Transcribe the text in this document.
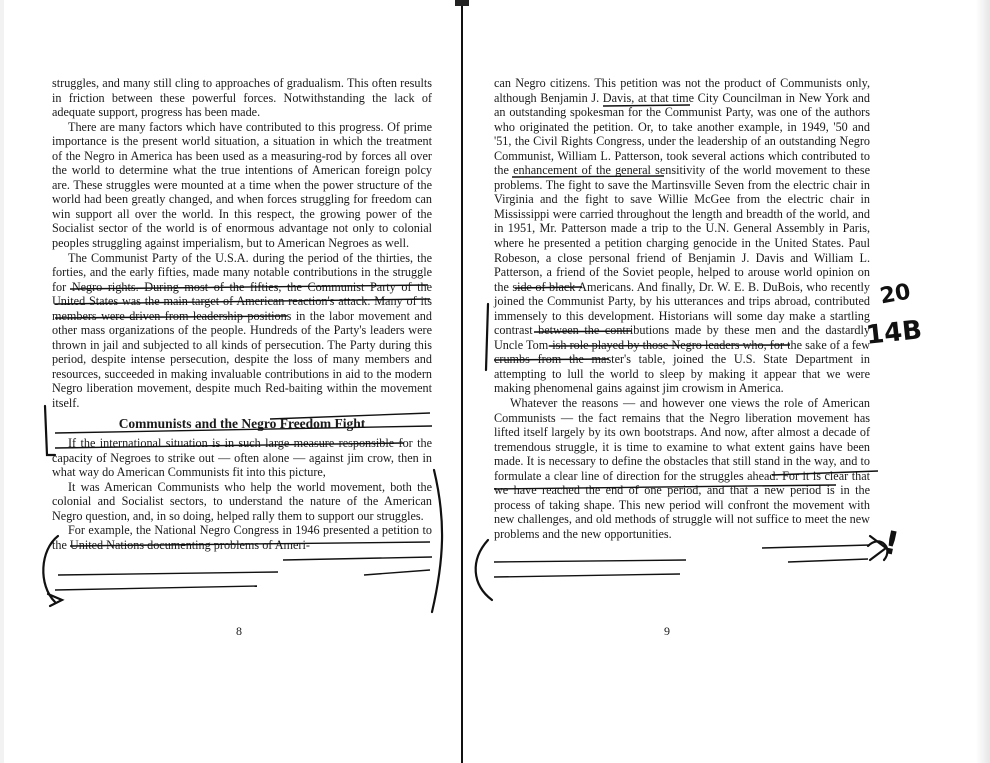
struggles, and many still cling to approaches of gradualism. This often results in friction between these powerful forces. Notwithstanding the lack of adequate support, progress has been made.

There are many factors which have contributed to this progress. Of prime importance is the present world situation, a situation in which the treatment of the Negro in America has been used as a measuring-rod by forces all over the world to determine what the true intentions of American foreign polcy are. These struggles were mounted at a time when the power structure of the world had been greatly changed, and when forces struggling for freedom can win support all over the world. In this respect, the growing power of the Socialist sector of the world is of enormous advantage not only to colonial peoples struggling against imperialism, but to American Negroes as well.

The Communist Party of the U.S.A. during the period of the thirties, the forties, and the early fifties, made many notable contributions in the struggle for Negro rights. During most of the fifties, the Communist Party of the United States was the main target of American reaction's attack. Many of its members were driven from leadership positions in the labor movement and other mass organizations of the people. Hundreds of the Party's leaders were thrown in jail and subjected to all kinds of persecution. The Party during this period, despite intense persecution, despite the loss of many members and resources, succeeded in making invaluable contributions in aid to the modern Negro liberation movement, despite much Red-baiting within the movement itself.

Communists and the Negro Freedom Fight

If the international situation is in such large measure responsible for the capacity of Negroes to strike out — often alone — against jim crow, then in what way do American Communists fit into this picture,

It was American Communists who help the world movement, both the colonial and Socialist sectors, to understand the nature of the American Negro question, and, in so doing, helped rally them to support our struggles.

For example, the National Negro Congress in 1946 presented a petition to the United Nations documenting problems of Ameri-

8

can Negro citizens. This petition was not the product of Communists only, although Benjamin J. Davis, at that time City Councilman in New York and an outstanding spokesman for the Communist Party, was one of the authors who originated the petition. Or, to take another example, in 1949, '50 and '51, the Civil Rights Congress, under the leadership of an outstanding Negro Communist, William L. Patterson, took several actions which contributed to the enhancement of the general sensitivity of the world movement to these problems. The fight to save the Martinsville Seven from the electric chair in Virginia and the fight to save Willie McGee from the electric chair in Mississippi were carried throughout the length and breadth of the world, and in 1951, Mr. Patterson made a trip to the U.N. General Assembly in Paris, where he presented a petition charging genocide in the United States. Paul Robeson, a close personal friend of Benjamin J. Davis and William L. Patterson, a friend of the Soviet people, helped to arouse world opinion on the side of black Americans. And finally, Dr. W. E. B. DuBois, who recently joined the Communist Party, by his utterances and trips abroad, contributed immensely to this development. Historians will some day make a startling contrast between the contributions made by these men and the dastardly Uncle Tom-ish role played by those Negro leaders who, for the sake of a few crumbs from the master's table, joined the U.S. State Department in attempting to lull the world to sleep by making it appear that we were making phenomenal gains against jim crowism in America.

Whatever the reasons — and however one views the role of American Communists — the fact remains that the Negro liberation movement has lifted itself largely by its own bootstraps. And now, after almost a decade of tremendous struggle, it is time to examine to what extent gains have been made. It is necessary to define the obstacles that still stand in the way, and to formulate a clear line of direction for the struggles ahead. For it is clear that we have reached the end of one period, and that a new period is in the process of taking shape. This new period will confront the movement with new challenges, and old methods of struggle will not suffice to meet the new problems and the new opportunities.

9
20
14B
!
